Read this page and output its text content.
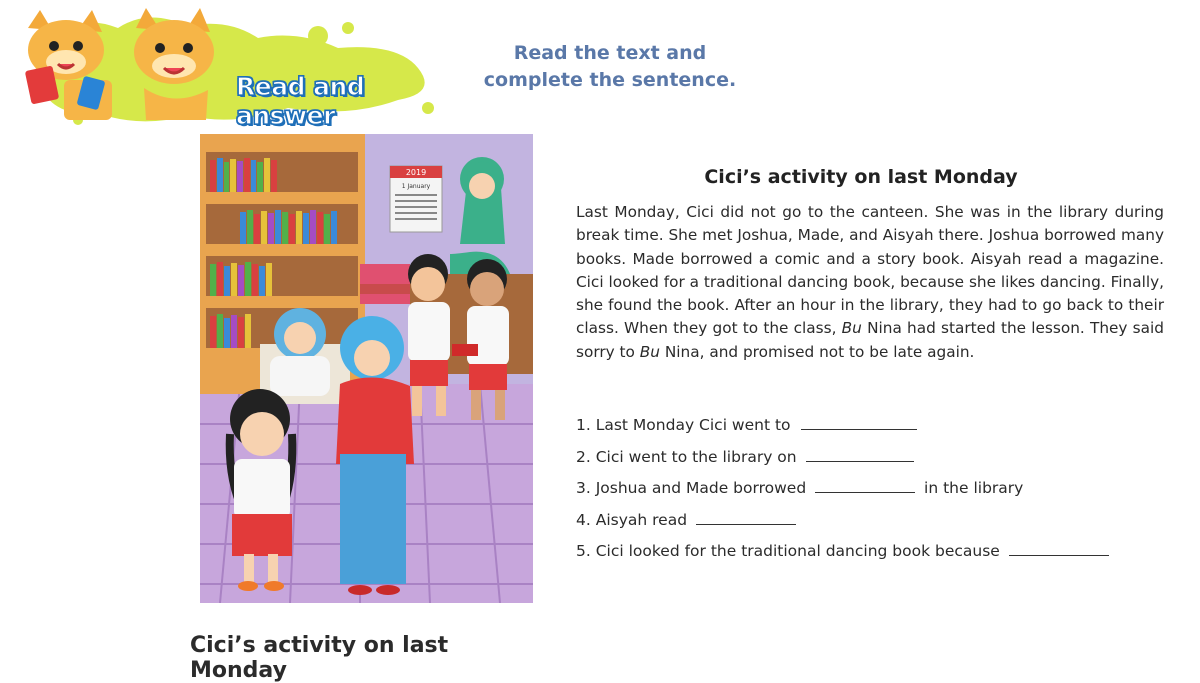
Read and answer
Read the text and
complete the sentence.
2019
1 January
Cici’s activity on last Monday
Cici’s activity on last Monday

Last Monday, Cici did not go to the canteen. She was in the library during break time. She met Joshua, Made, and Aisyah there. Joshua borrowed many books. Made borrowed a comic and a story book. Aisyah read a magazine. Cici looked for a traditional dancing book, because she likes dancing. Finally, she found the book. After an hour in the library, they had to go back to their class. When they got to the class, Bu Nina had started the lesson. They said sorry to Bu Nina, and promised not to be late again.

1. Last Monday Cici went to
2. Cici went to the library on
3. Joshua and Made borrowed	in the library
4. Aisyah read
5. Cici looked for the traditional dancing book because
